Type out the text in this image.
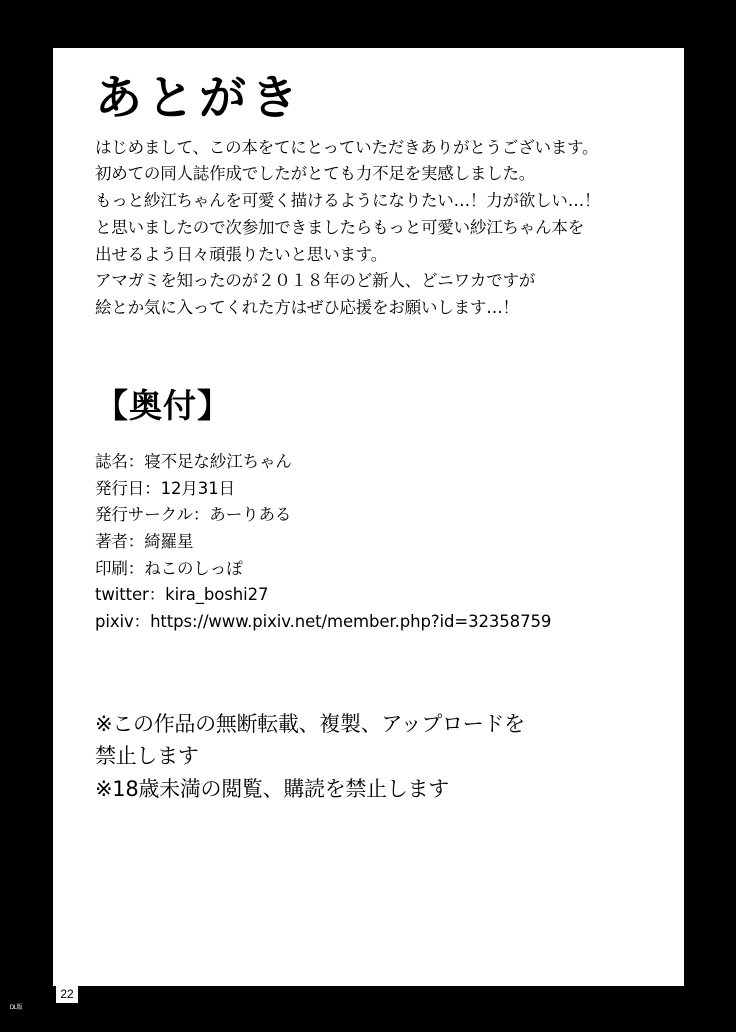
あとがき
はじめまして、この本をてにとっていただきありがとうございます。
初めての同人誌作成でしたがとても力不足を実感しました。
もっと紗江ちゃんを可愛く描けるようになりたい…！力が欲しい…！
と思いましたので次参加できましたらもっと可愛い紗江ちゃん本を
出せるよう日々頑張りたいと思います。
アマガミを知ったのが２０１８年のど新人、どニワカですが
絵とか気に入ってくれた方はぜひ応援をお願いします…！
【奥付】
誌名：寝不足な紗江ちゃん
発行日：12月31日
発行サークル：あーりある
著者：綺羅星
印刷：ねこのしっぽ
twitter：kira_boshi27
pixiv：https://www.pixiv.net/member.php?id=32358759
※この作品の無断転載、複製、アップロードを
禁止します
※18歳未満の閲覧、購読を禁止します
DL版
22
